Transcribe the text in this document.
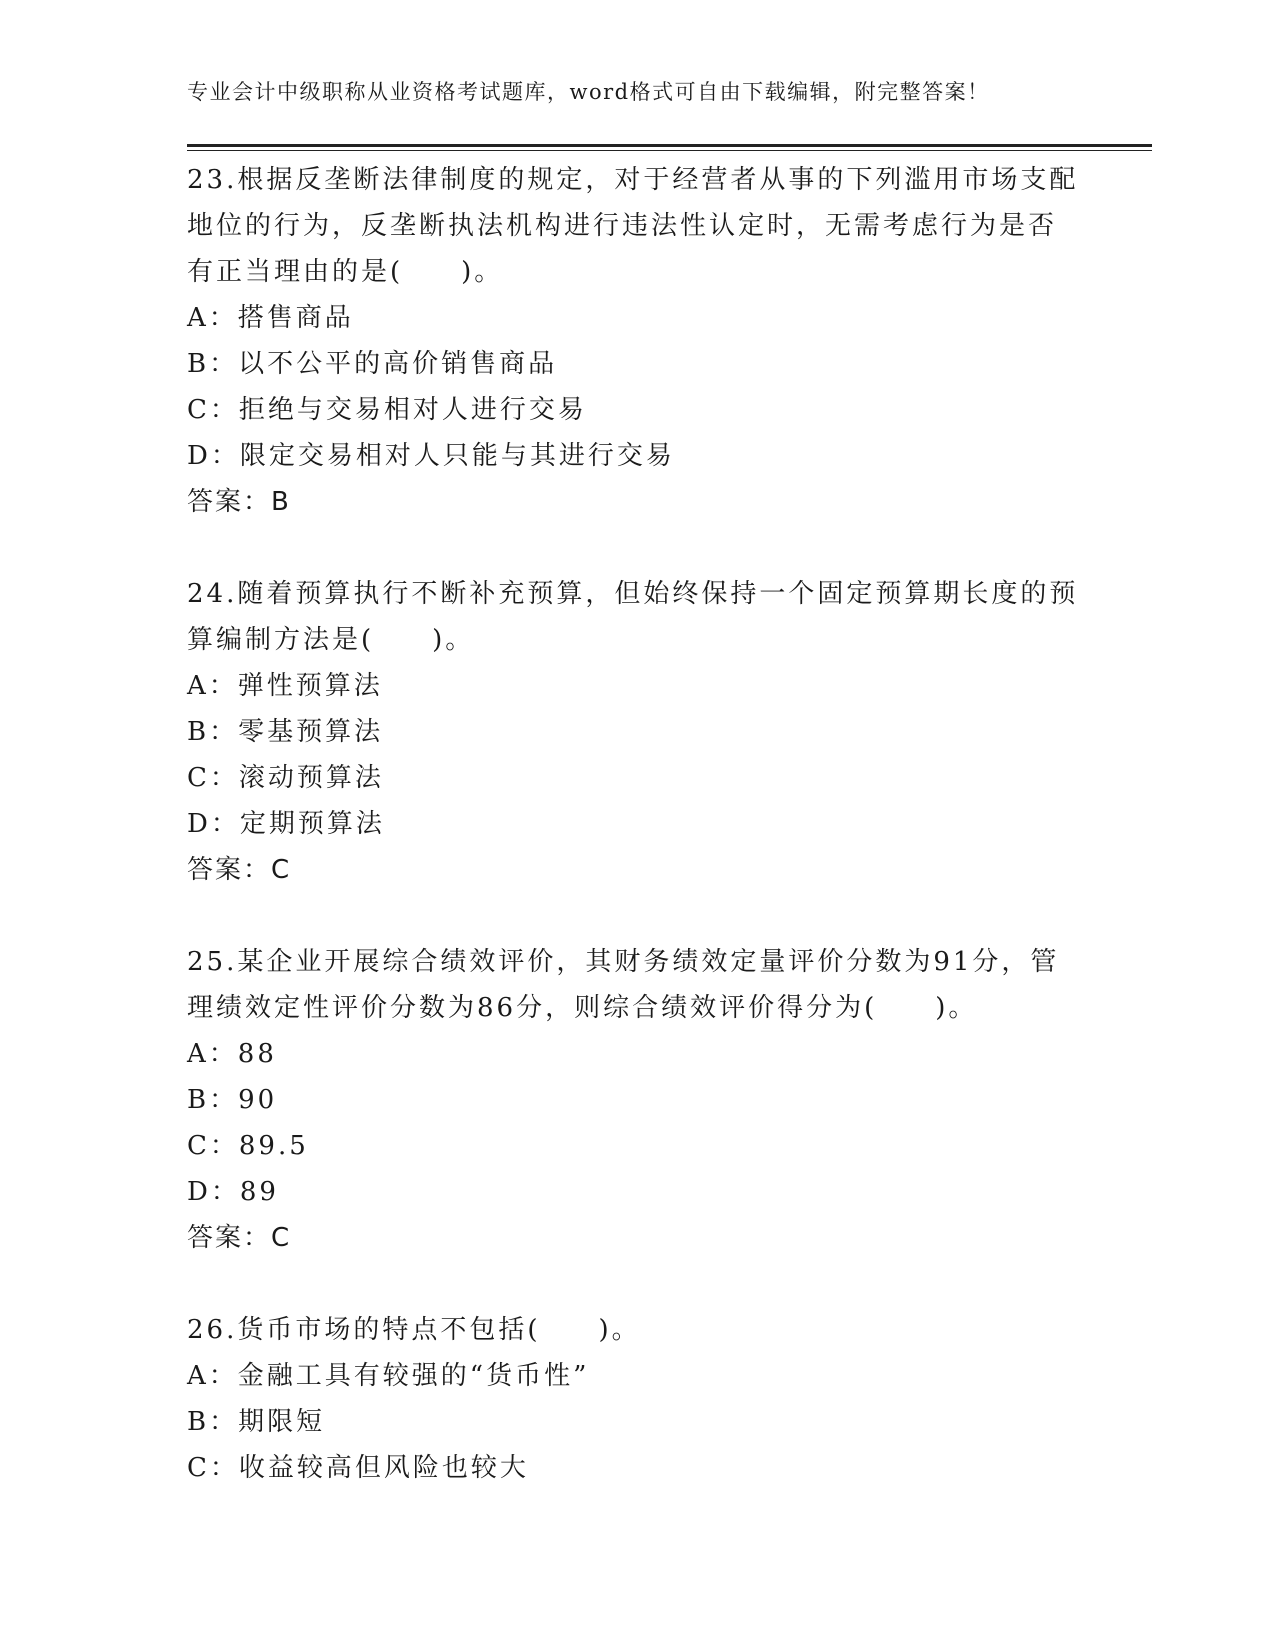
专业会计中级职称从业资格考试题库，word格式可自由下载编辑，附完整答案！
23.根据反垄断法律制度的规定，对于经营者从事的下列滥用市场支配
地位的行为，反垄断执法机构进行违法性认定时，无需考虑行为是否
有正当理由的是(　　)。
A：搭售商品
B：以不公平的高价销售商品
C：拒绝与交易相对人进行交易
D：限定交易相对人只能与其进行交易
答案：B
24.随着预算执行不断补充预算，但始终保持一个固定预算期长度的预
算编制方法是(　　)。
A：弹性预算法
B：零基预算法
C：滚动预算法
D：定期预算法
答案：C
25.某企业开展综合绩效评价，其财务绩效定量评价分数为91分，管
理绩效定性评价分数为86分，则综合绩效评价得分为(　　)。
A：88
B：90
C：89.5
D：89
答案：C
26.货币市场的特点不包括(　　)。
A：金融工具有较强的“货币性”
B：期限短
C：收益较高但风险也较大
